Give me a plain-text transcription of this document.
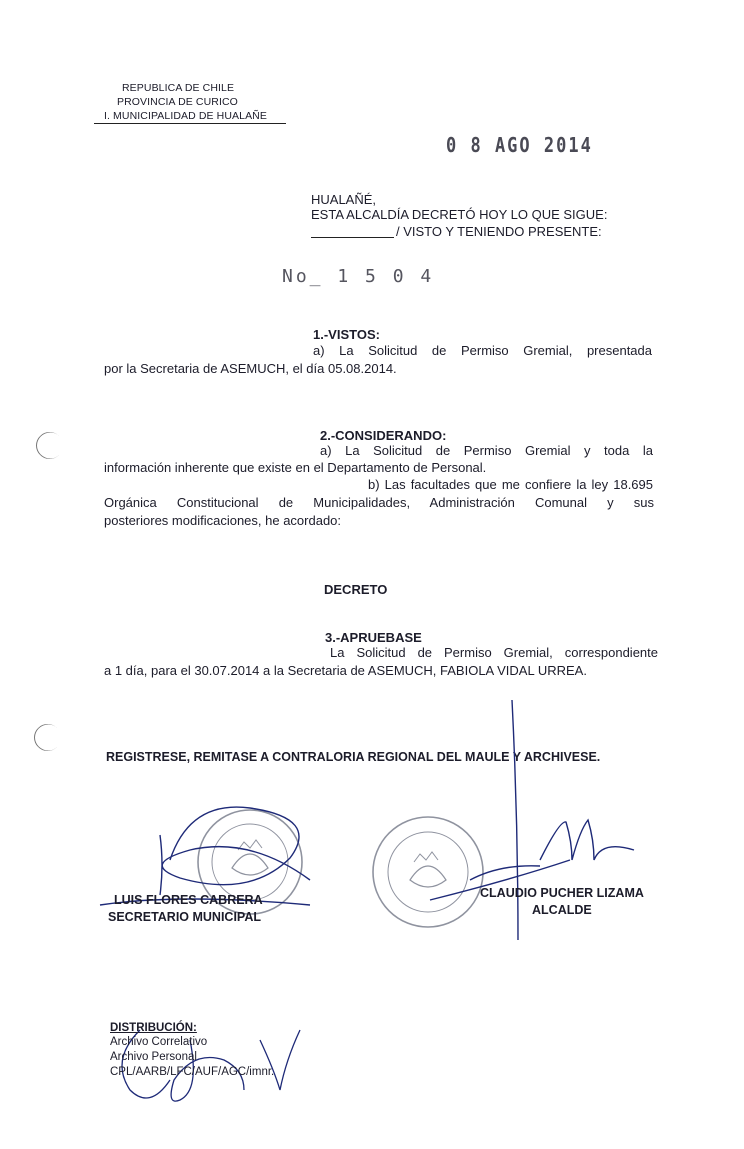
REPUBLICA DE CHILE
PROVINCIA DE CURICO
I. MUNICIPALIDAD DE HUALAÑE
0 8 AGO 2014
HUALAÑÉ,
ESTA ALCALDÍA DECRETÓ HOY LO QUE SIGUE:
/ VISTO Y TENIENDO PRESENTE:
No_ 1 5 0 4
1.-VISTOS:
a) La Solicitud de Permiso Gremial, presentada
por la Secretaria de ASEMUCH, el día 05.08.2014.
2.-CONSIDERANDO:
a) La Solicitud de Permiso Gremial y toda la
información inherente que existe en el Departamento de Personal.
b) Las facultades que me confiere la ley 18.695
Orgánica Constitucional de Municipalidades, Administración Comunal y sus
posteriores modificaciones, he acordado:
DECRETO
3.-APRUEBASE
La Solicitud de Permiso Gremial, correspondiente
a 1 día, para el 30.07.2014 a la Secretaria de ASEMUCH, FABIOLA VIDAL URREA.
REGISTRESE, REMITASE A CONTRALORIA REGIONAL DEL MAULE Y ARCHIVESE.
LUIS FLORES CABRERA
SECRETARIO MUNICIPAL
CLAUDIO PUCHER LIZAMA
ALCALDE
DISTRIBUCIÓN:
Archivo Correlativo
Archivo Personal
CPL/AARB/LFC/AUF/AGC/imnr.
